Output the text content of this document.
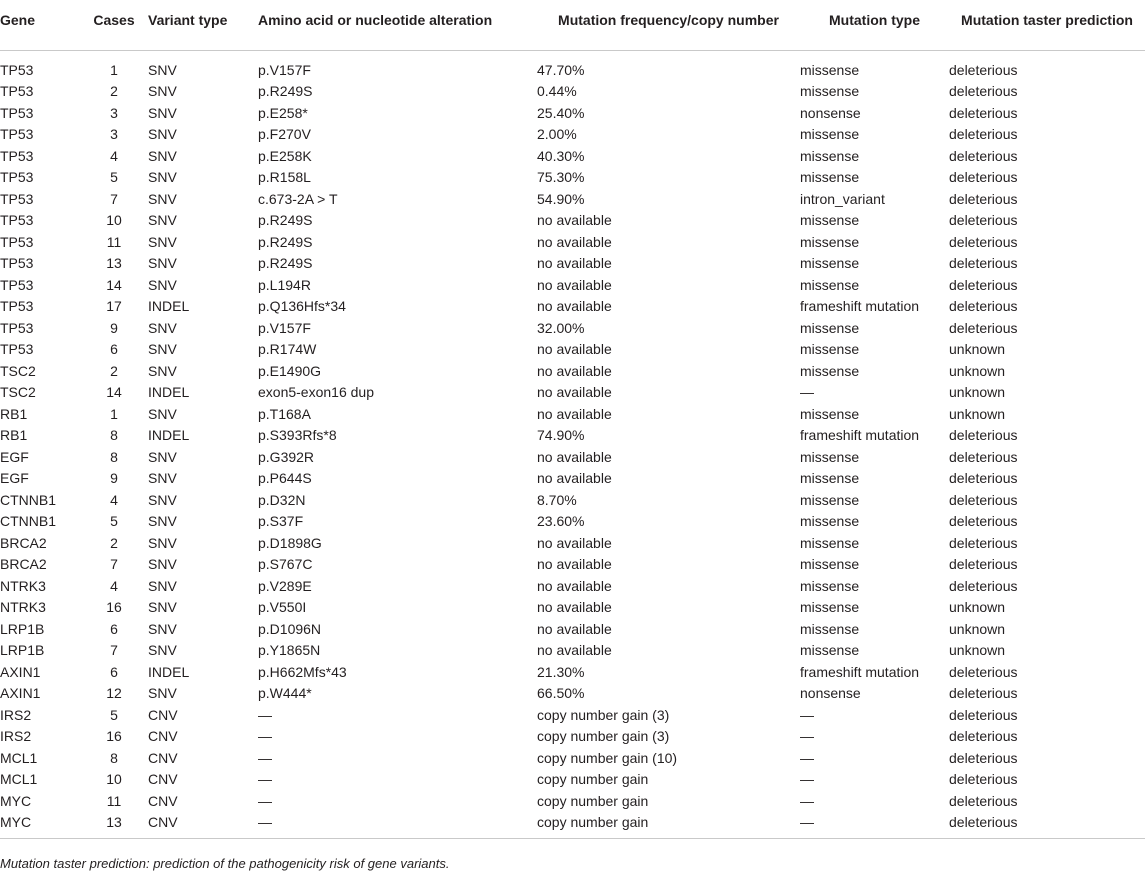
Gene	Cases	Variant type	Amino acid or nucleotide alteration	Mutation frequency/copy number	Mutation type	Mutation taster prediction

TP53	1	SNV	p.V157F	47.70%	missense	deleterious
TP53	2	SNV	p.R249S	0.44%	missense	deleterious
TP53	3	SNV	p.E258*	25.40%	nonsense	deleterious
TP53	3	SNV	p.F270V	2.00%	missense	deleterious
TP53	4	SNV	p.E258K	40.30%	missense	deleterious
TP53	5	SNV	p.R158L	75.30%	missense	deleterious
TP53	7	SNV	c.673-2A > T	54.90%	intron_variant	deleterious
TP53	10	SNV	p.R249S	no available	missense	deleterious
TP53	11	SNV	p.R249S	no available	missense	deleterious
TP53	13	SNV	p.R249S	no available	missense	deleterious
TP53	14	SNV	p.L194R	no available	missense	deleterious
TP53	17	INDEL	p.Q136Hfs*34	no available	frameshift mutation	deleterious
TP53	9	SNV	p.V157F	32.00%	missense	deleterious
TP53	6	SNV	p.R174W	no available	missense	unknown
TSC2	2	SNV	p.E1490G	no available	missense	unknown
TSC2	14	INDEL	exon5-exon16 dup	no available	—	unknown
RB1	1	SNV	p.T168A	no available	missense	unknown
RB1	8	INDEL	p.S393Rfs*8	74.90%	frameshift mutation	deleterious
EGF	8	SNV	p.G392R	no available	missense	deleterious
EGF	9	SNV	p.P644S	no available	missense	deleterious
CTNNB1	4	SNV	p.D32N	8.70%	missense	deleterious
CTNNB1	5	SNV	p.S37F	23.60%	missense	deleterious
BRCA2	2	SNV	p.D1898G	no available	missense	deleterious
BRCA2	7	SNV	p.S767C	no available	missense	deleterious
NTRK3	4	SNV	p.V289E	no available	missense	deleterious
NTRK3	16	SNV	p.V550I	no available	missense	unknown
LRP1B	6	SNV	p.D1096N	no available	missense	unknown
LRP1B	7	SNV	p.Y1865N	no available	missense	unknown
AXIN1	6	INDEL	p.H662Mfs*43	21.30%	frameshift mutation	deleterious
AXIN1	12	SNV	p.W444*	66.50%	nonsense	deleterious
IRS2	5	CNV	—	copy number gain (3)	—	deleterious
IRS2	16	CNV	—	copy number gain (3)	—	deleterious
MCL1	8	CNV	—	copy number gain (10)	—	deleterious
MCL1	10	CNV	—	copy number gain	—	deleterious
MYC	11	CNV	—	copy number gain	—	deleterious
MYC	13	CNV	—	copy number gain	—	deleterious
Mutation taster prediction: prediction of the pathogenicity risk of gene variants.
